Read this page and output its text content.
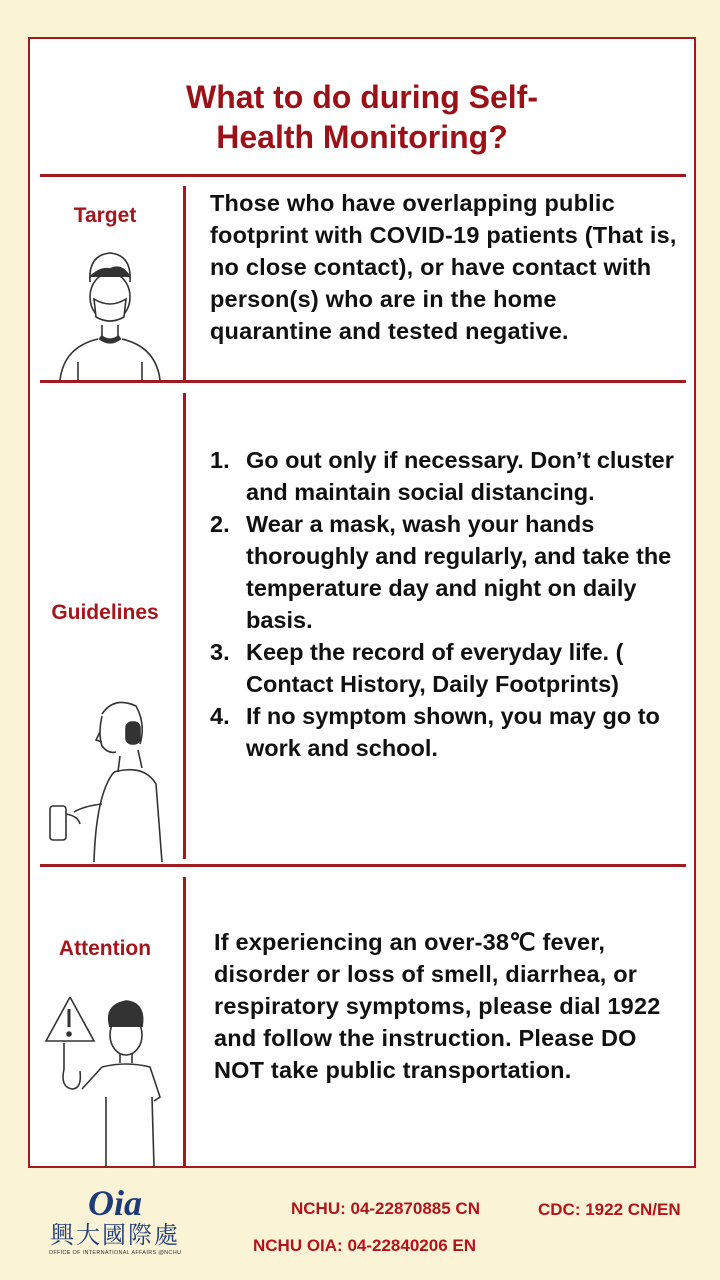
What to do during Self-
Health Monitoring?
Target	Those who have overlapping public footprint with COVID-19 patients (That is, no close contact), or have contact with person(s) who are in the home quarantine and tested negative.
Guidelines
1. Go out only if necessary. Don’t cluster and maintain social distancing.
2. Wear a mask, wash your hands thoroughly and regularly, and take the temperature day and night on daily basis.
3. Keep the record of everyday life. ( Contact History, Daily Footprints)
4. If no symptom shown, you may go to work and school.
Attention	If experiencing an over-38℃ fever, disorder or loss of smell, diarrhea, or respiratory symptoms, please dial 1922 and follow the instruction. Please DO NOT take public transportation.
Oia
興大國際處
OFFICE OF INTERNATIONAL AFFAIRS @NCHU
NCHU: 04-22870885 CN	CDC: 1922 CN/EN
NCHU OIA: 04-22840206 EN
